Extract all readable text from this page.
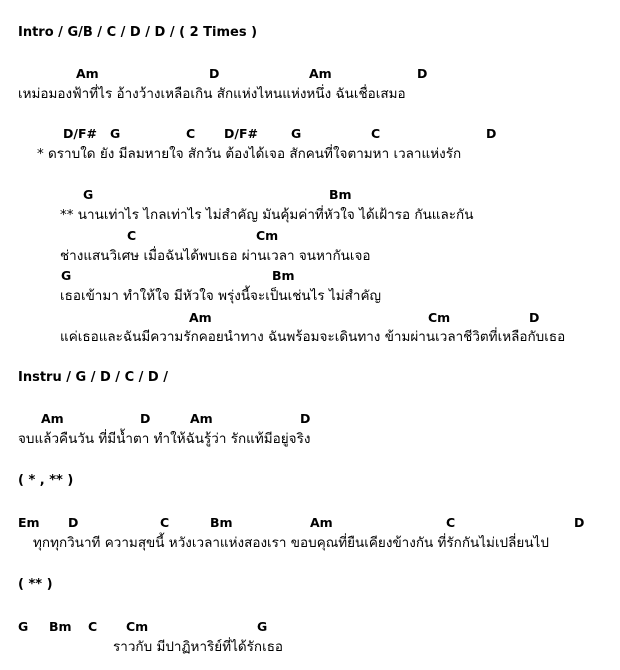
Intro / G/B / C / D / D / ( 2 Times )
Am	D	Am	D
เหม่อมองฟ้าที่ไร อ้างว้างเหลือเกิน สักแห่งไหนแห่งหนึ่ง ฉันเชื่อเสมอ
D/F# G	C D/F#	G	C	D
* ดราบใด ยัง มีลมหายใจ สักวัน ต้องได้เจอ สักคนที่ใจตามหา เวลาแห่งรัก
G	Bm
** นานเท่าไร ไกลเท่าไร ไม่สำคัญ มันคุ้มค่าที่หัวใจ ได้เฝ้ารอ กันและกัน
C	Cm
ช่างแสนวิเศษ เมื่อฉันได้พบเธอ ผ่านเวลา จนหากันเจอ
G	Bm
เธอเข้ามา ทำให้ใจ มีหัวใจ พรุ่งนี้จะเป็นเช่นไร ไม่สำคัญ
Am	Cm	D
แค่เธอและฉันมีความรักคอยนำทาง ฉันพร้อมจะเดินทาง ข้ามผ่านเวลาชีวิตที่เหลือกับเธอ
Instru / G / D / C / D /
Am	D	Am	D
จบแล้วคืนวัน ที่มีน้ำตา ทำให้ฉันรู้ว่า รักแท้มีอยู่จริง
( * , ** )
Em D	C	Bm	Am	C	D
ทุกทุกวินาที ความสุขนี้ หวังเวลาแห่งสองเรา ขอบคุณที่ยืนเคียงข้างกัน ที่รักกันไม่เปลี่ยนไป
( ** )
G Bm C Cm	G
ราวกับ มีปาฏิหาริย์ที่ได้รักเธอ
